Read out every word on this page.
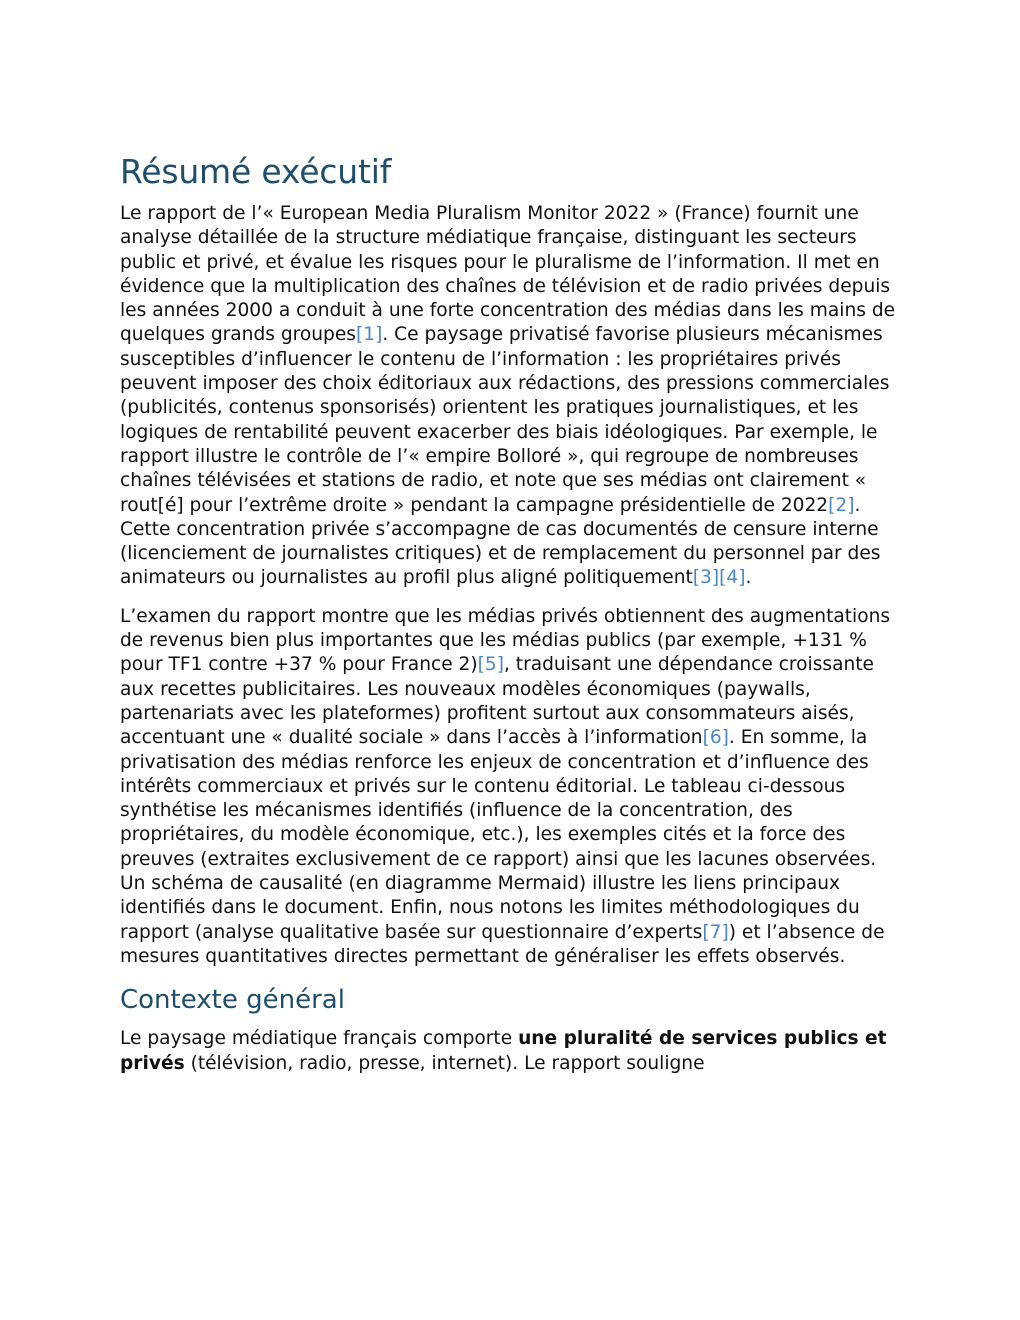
Résumé exécutif

Le rapport de l’« European Media Pluralism Monitor 2022 » (France) fournit une analyse détaillée de la structure médiatique française, distinguant les secteurs public et privé, et évalue les risques pour le pluralisme de l’information. Il met en évidence que la multiplication des chaînes de télévision et de radio privées depuis les années 2000 a conduit à une forte concentration des médias dans les mains de quelques grands groupes[1]. Ce paysage privatisé favorise plusieurs mécanismes susceptibles d’influencer le contenu de l’information : les propriétaires privés peuvent imposer des choix éditoriaux aux rédactions, des pressions commerciales (publicités, contenus sponsorisés) orientent les pratiques journalistiques, et les logiques de rentabilité peuvent exacerber des biais idéologiques. Par exemple, le rapport illustre le contrôle de l’« empire Bolloré », qui regroupe de nombreuses chaînes télévisées et stations de radio, et note que ses médias ont clairement « rout[é] pour l’extrême droite » pendant la campagne présidentielle de 2022[2]. Cette concentration privée s’accompagne de cas documentés de censure interne (licenciement de journalistes critiques) et de remplacement du personnel par des animateurs ou journalistes au profil plus aligné politiquement[3][4].

L’examen du rapport montre que les médias privés obtiennent des augmentations de revenus bien plus importantes que les médias publics (par exemple, +131 % pour TF1 contre +37 % pour France 2)[5], traduisant une dépendance croissante aux recettes publicitaires. Les nouveaux modèles économiques (paywalls, partenariats avec les plateformes) profitent surtout aux consommateurs aisés, accentuant une « dualité sociale » dans l’accès à l’information[6]. En somme, la privatisation des médias renforce les enjeux de concentration et d’influence des intérêts commerciaux et privés sur le contenu éditorial. Le tableau ci-dessous synthétise les mécanismes identifiés (influence de la concentration, des propriétaires, du modèle économique, etc.), les exemples cités et la force des preuves (extraites exclusivement de ce rapport) ainsi que les lacunes observées. Un schéma de causalité (en diagramme Mermaid) illustre les liens principaux identifiés dans le document. Enfin, nous notons les limites méthodologiques du rapport (analyse qualitative basée sur questionnaire d’experts[7]) et l’absence de mesures quantitatives directes permettant de généraliser les effets observés.

Contexte général

Le paysage médiatique français comporte une pluralité de services publics et privés (télévision, radio, presse, internet). Le rapport souligne
